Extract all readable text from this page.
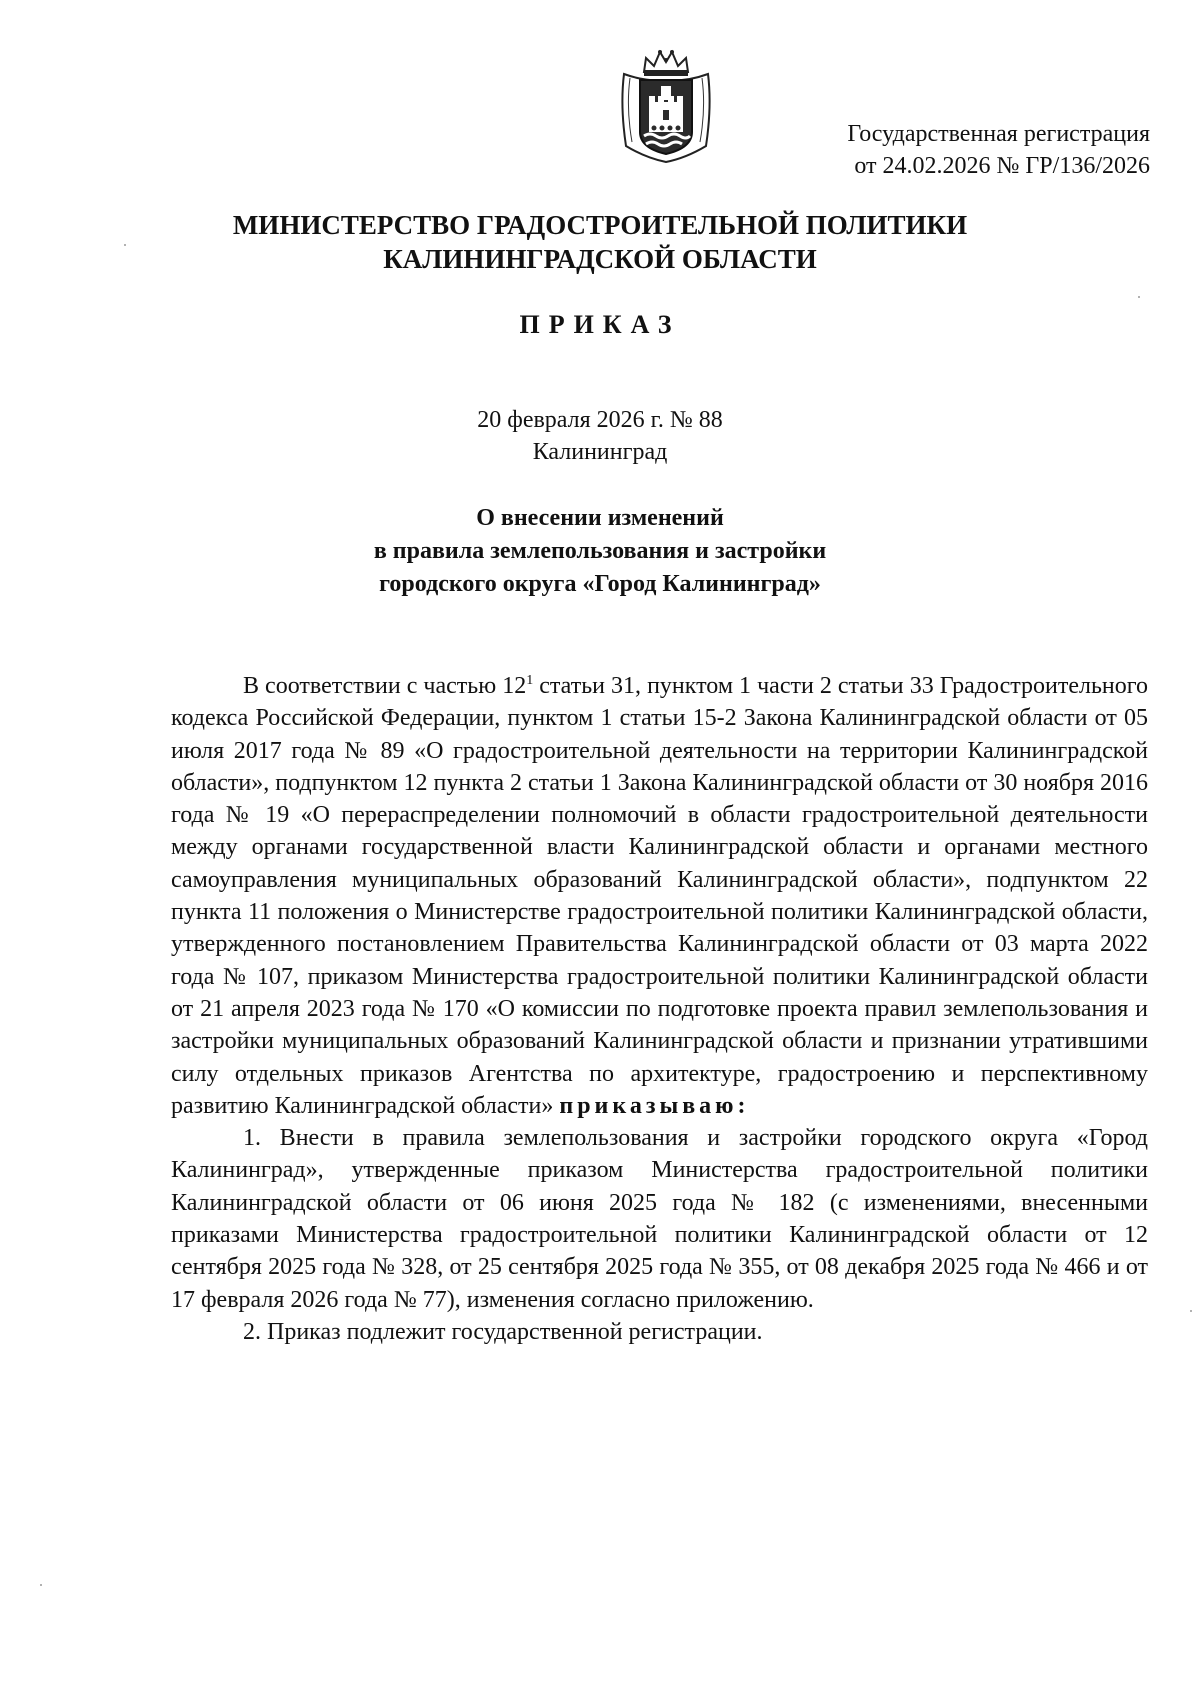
Государственная регистрация
от 24.02.2026 № ГР/136/2026
МИНИСТЕРСТВО ГРАДОСТРОИТЕЛЬНОЙ ПОЛИТИКИ
КАЛИНИНГРАДСКОЙ ОБЛАСТИ
ПРИКАЗ
20 февраля 2026 г. № 88
Калининград
О внесении изменений
в правила землепользования и застройки
городского округа «Город Калининград»

В соответствии с частью $12^1$ статьи 31, пунктом 1 части 2 статьи 33 Градостроительного кодекса Российской Федерации, пунктом 1 статьи 15-2 Закона Калининградской области от 05 июля 2017 года № 89 «О градостроительной деятельности на территории Калининградской области», подпунктом 12 пункта 2 статьи 1 Закона Калининградской области от 30 ноября 2016 года № 19 «О перераспределении полномочий в области градостроительной деятельности между органами государственной власти Калининградской области и органами местного самоуправления муниципальных образований Калининградской области», подпунктом 22 пункта 11 положения о Министерстве градостроительной политики Калининградской области, утвержденного постановлением Правительства Калининградской области от 03 марта 2022 года № 107, приказом Министерства градостроительной политики Калининградской области от 21 апреля 2023 года № 170 «О комиссии по подготовке проекта правил землепользования и застройки муниципальных образований Калининградской области и признании утратившими силу отдельных приказов Агентства по архитектуре, градостроению и перспективному развитию Калининградской области» приказываю:

1. Внести в правила землепользования и застройки городского округа «Город Калининград», утвержденные приказом Министерства градостроительной политики Калининградской области от 06 июня 2025 года № 182 (с изменениями, внесенными приказами Министерства градостроительной политики Калининградской области от 12 сентября 2025 года № 328, от 25 сентября 2025 года № 355, от 08 декабря 2025 года № 466 и от 17 февраля 2026 года № 77), изменения согласно приложению.

2. Приказ подлежит государственной регистрации.
